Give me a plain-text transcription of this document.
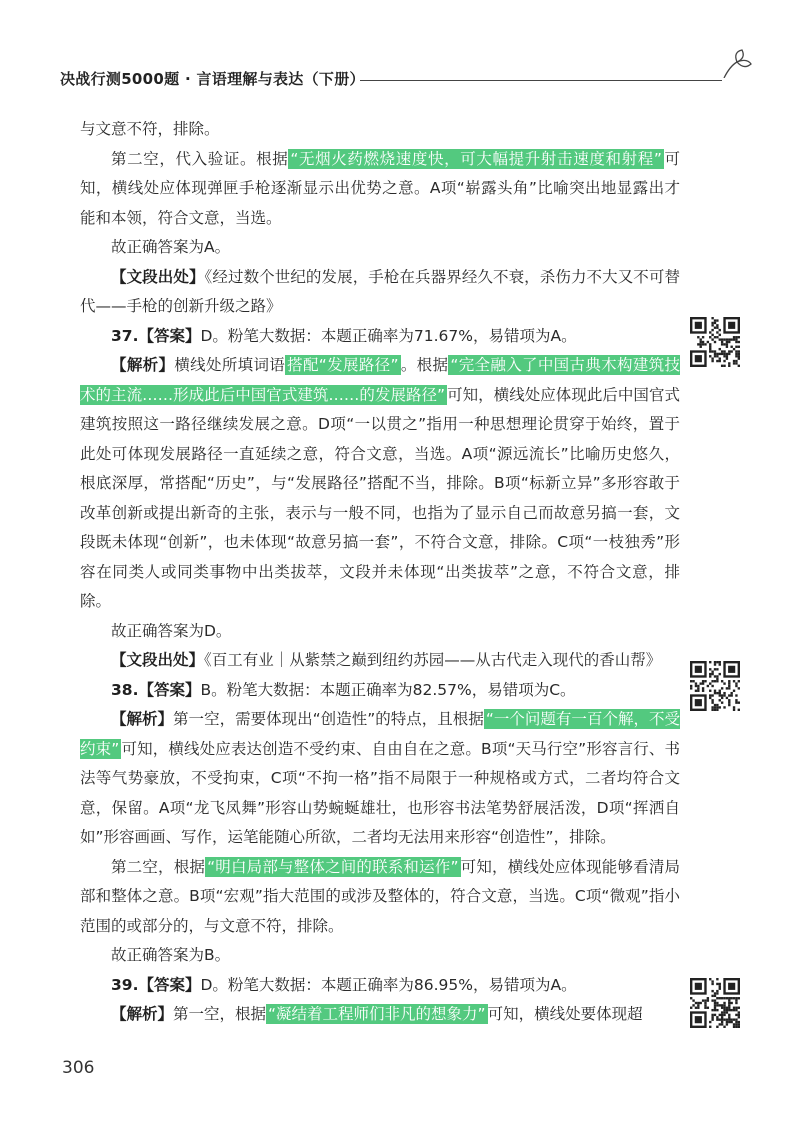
决战行测5000题 · 言语理解与表达（下册）

与文意不符，排除。

第二空，代入验证。根据 “无烟火药燃烧速度快，可大幅提升射击速度和射程” 可知，横线处应体现弹匣手枪逐渐显示出优势之意。A项“崭露头角”比喻突出地显露出才能和本领，符合文意，当选。

故正确答案为A。

【文段出处】《经过数个世纪的发展，手枪在兵器界经久不衰，杀伤力不大又不可替代——手枪的创新升级之路》

37.【答案】D。粉笔大数据：本题正确率为71.67%，易错项为A。

【解析】横线处所填词语 搭配“发展路径” 。根据 “完全融入了中国古典木构建筑技术的主流……形成此后中国官式建筑……的发展路径” 可知，横线处应体现此后中国官式建筑按照这一路径继续发展之意。D项“一以贯之”指用一种思想理论贯穿于始终，置于此处可体现发展路径一直延续之意，符合文意，当选。A项“源远流长”比喻历史悠久，根底深厚，常搭配“历史”，与“发展路径”搭配不当，排除。B项“标新立异”多形容敢于改革创新或提出新奇的主张，表示与一般不同，也指为了显示自己而故意另搞一套，文段既未体现“创新”，也未体现“故意另搞一套”，不符合文意，排除。C项“一枝独秀”形容在同类人或同类事物中出类拔萃，文段并未体现“出类拔萃”之意，不符合文意，排除。

故正确答案为D。

【文段出处】《百工有业｜从紫禁之巅到纽约苏园——从古代走入现代的香山帮》

38.【答案】B。粉笔大数据：本题正确率为82.57%，易错项为C。

【解析】第一空，需要体现出“创造性”的特点，且根据 “一个问题有一百个解，不受约束” 可知，横线处应表达创造不受约束、自由自在之意。B项“天马行空”形容言行、书法等气势豪放，不受拘束，C项“不拘一格”指不局限于一种规格或方式，二者均符合文意，保留。A项“龙飞凤舞”形容山势蜿蜒雄壮，也形容书法笔势舒展活泼，D项“挥洒自如”形容画画、写作，运笔能随心所欲，二者均无法用来形容“创造性”，排除。

第二空，根据 “明白局部与整体之间的联系和运作” 可知，横线处应体现能够看清局部和整体之意。B项“宏观”指大范围的或涉及整体的，符合文意，当选。C项“微观”指小范围的或部分的，与文意不符，排除。

故正确答案为B。

39.【答案】D。粉笔大数据：本题正确率为86.95%，易错项为A。

【解析】第一空，根据 “凝结着工程师们非凡的想象力” 可知，横线处要体现超

306
